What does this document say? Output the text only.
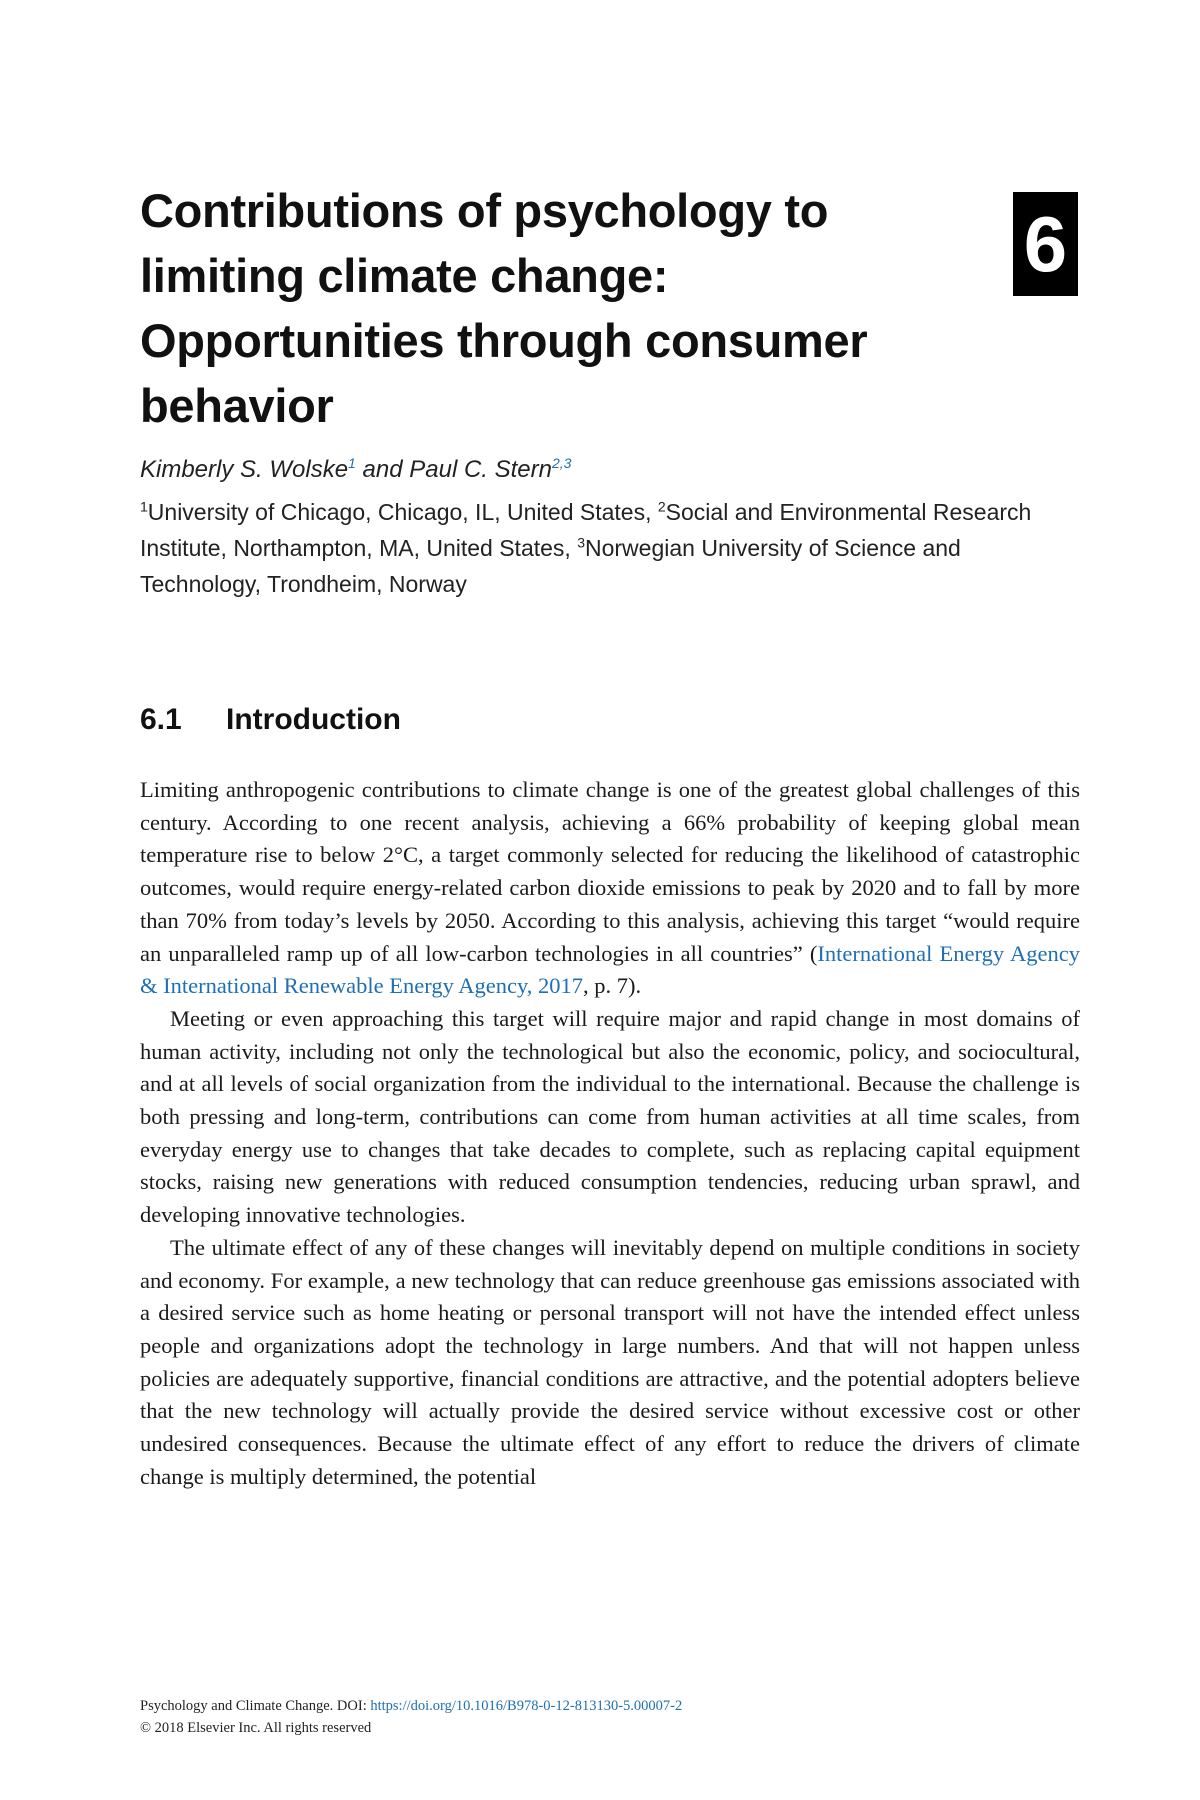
Contributions of psychology to
limiting climate change:
Opportunities through consumer
behavior
6
Kimberly S. Wolske$^1$ and Paul C. Stern$^{2,3}$
$^1$University of Chicago, Chicago, IL, United States, $^2$Social and Environmental Research
Institute, Northampton, MA, United States, $^3$Norwegian University of Science and
Technology, Trondheim, Norway
6.1 Introduction

Limiting anthropogenic contributions to climate change is one of the greatest global challenges of this century. According to one recent analysis, achieving a 66% probability of keeping global mean temperature rise to below 2°C, a target commonly selected for reducing the likelihood of catastrophic outcomes, would require energy-related carbon dioxide emissions to peak by 2020 and to fall by more than 70% from today’s levels by 2050. According to this analysis, achieving this target “would require an unparalleled ramp up of all low-carbon technologies in all countries” (International Energy Agency & International Renewable Energy Agency, 2017, p. 7).

Meeting or even approaching this target will require major and rapid change in most domains of human activity, including not only the technological but also the economic, policy, and sociocultural, and at all levels of social organization from the individual to the international. Because the challenge is both pressing and long-term, contributions can come from human activities at all time scales, from everyday energy use to changes that take decades to complete, such as replacing capital equipment stocks, raising new generations with reduced consumption tendencies, reducing urban sprawl, and developing innovative technologies.

The ultimate effect of any of these changes will inevitably depend on multiple conditions in society and economy. For example, a new technology that can reduce greenhouse gas emissions associated with a desired service such as home heating or personal transport will not have the intended effect unless people and organizations adopt the technology in large numbers. And that will not happen unless policies are adequately supportive, financial conditions are attractive, and the potential adopters believe that the new technology will actually provide the desired service without excessive cost or other undesired consequences. Because the ultimate effect of any effort to reduce the drivers of climate change is multiply determined, the potential

Psychology and Climate Change. DOI: https://doi.org/10.1016/B978-0-12-813130-5.00007-2
© 2018 Elsevier Inc. All rights reserved
